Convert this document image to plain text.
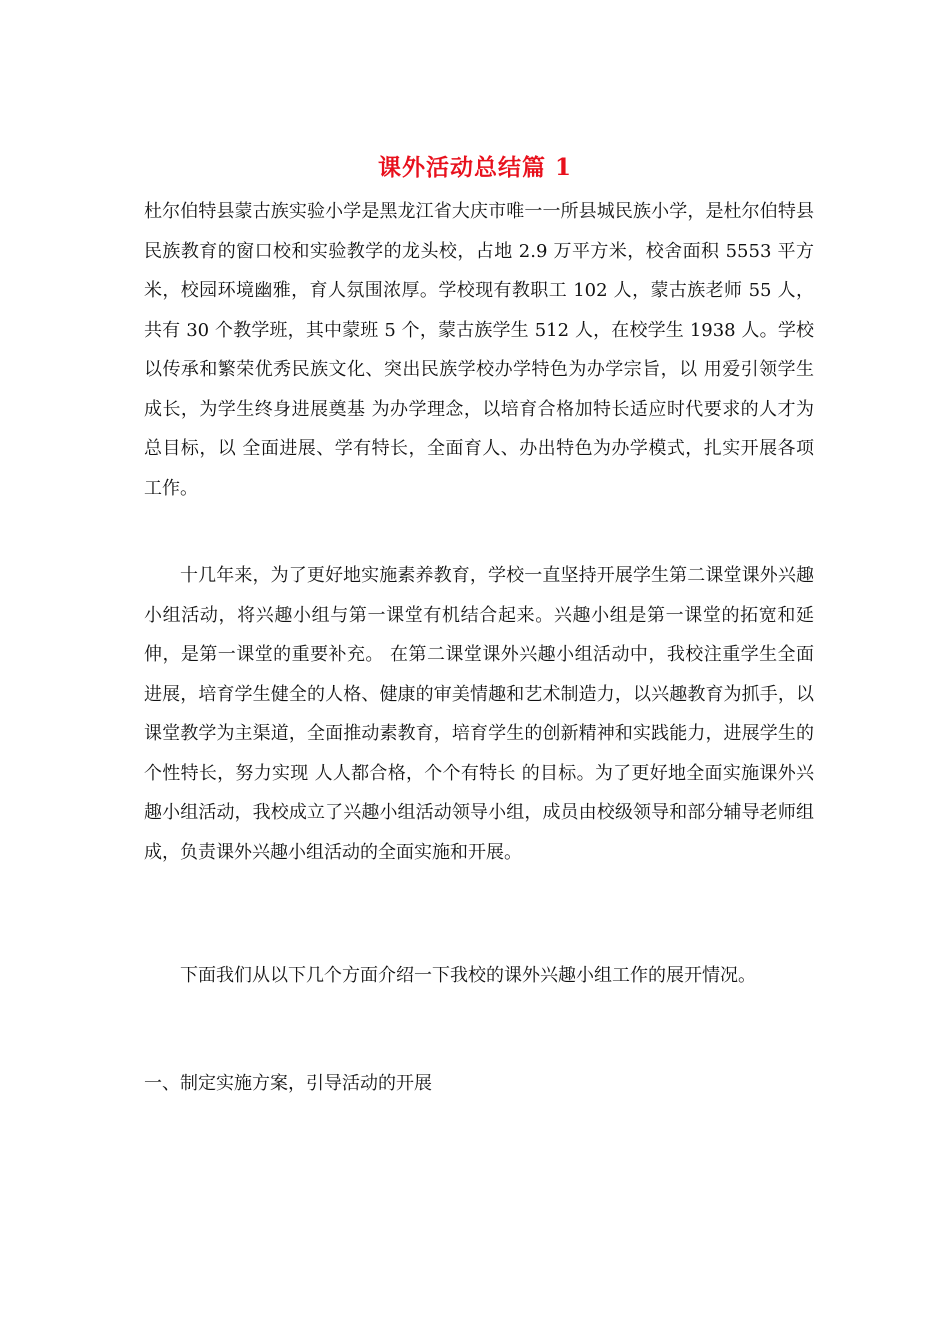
课外活动总结篇 1

杜尔伯特县蒙古族实验小学是黑龙江省大庆市唯一一所县城民族小学，是杜尔伯特县民族教育的窗口校和实验教学的龙头校，占地 2.9 万平方米，校舍面积 5553 平方米，校园环境幽雅，育人氛围浓厚。学校现有教职工 102 人，蒙古族老师 55 人，共有 30 个教学班，其中蒙班 5 个，蒙古族学生 512 人，在校学生 1938 人。学校以传承和繁荣优秀民族文化、突出民族学校办学特色为办学宗旨，以 用爱引领学生成长，为学生终身进展奠基 为办学理念，以培育合格加特长适应时代要求的人才为总目标，以 全面进展、学有特长，全面育人、办出特色为办学模式，扎实开展各项工作。

十几年来，为了更好地实施素养教育，学校一直坚持开展学生第二课堂课外兴趣小组活动，将兴趣小组与第一课堂有机结合起来。兴趣小组是第一课堂的拓宽和延伸，是第一课堂的重要补充。 在第二课堂课外兴趣小组活动中，我校注重学生全面进展，培育学生健全的人格、健康的审美情趣和艺术制造力，以兴趣教育为抓手，以课堂教学为主渠道，全面推动素教育，培育学生的创新精神和实践能力，进展学生的个性特长，努力实现 人人都合格，个个有特长 的目标。为了更好地全面实施课外兴趣小组活动，我校成立了兴趣小组活动领导小组，成员由校级领导和部分辅导老师组成，负责课外兴趣小组活动的全面实施和开展。

下面我们从以下几个方面介绍一下我校的课外兴趣小组工作的展开情况。

一、制定实施方案，引导活动的开展
